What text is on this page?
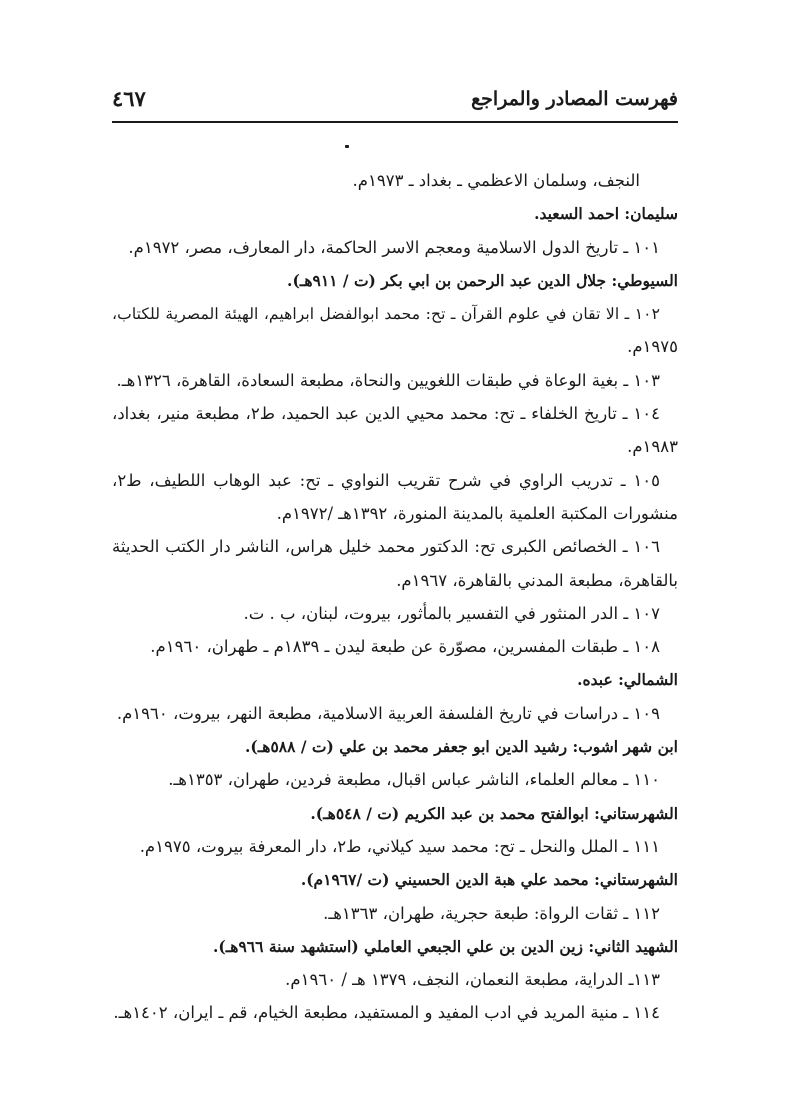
فهرست المصادر والمراجع
٤٦٧
النجف، وسلمان الاعظمي ـ بغداد ـ ١٩٧٣م.
سليمان: احمد السعيد.
١٠١ ـ تاريخ الدول الاسلامية ومعجم الاسر الحاكمة، دار المعارف، مصر، ١٩٧٢م.
السيوطي: جلال الدين عبد الرحمن بن ابي بكر (ت / ٩١١هـ).
١٠٢ ـ الا تقان في علوم القرآن ـ تح: محمد ابوالفضل ابراهيم، الهيئة المصرية للكتاب،
١٩٧٥م.
١٠٣ ـ بغية الوعاة في طبقات اللغويين والنحاة، مطبعة السعادة، القاهرة، ١٣٢٦هـ.
١٠٤ ـ تاريخ الخلفاء ـ تح: محمد محيي الدين عبد الحميد، ط٢، مطبعة منير، بغداد،
١٩٨٣م.
١٠٥ ـ تدريب الراوي في شرح تقريب النواوي ـ تح: عبد الوهاب اللطيف، ط٢،
منشورات المكتبة العلمية بالمدينة المنورة، ١٣٩٢هـ /١٩٧٢م.
١٠٦ ـ الخصائص الكبرى تح: الدكتور محمد خليل هراس، الناشر دار الكتب الحديثة
بالقاهرة، مطبعة المدني بالقاهرة، ١٩٦٧م.
١٠٧ ـ الدر المنثور في التفسير بالمأثور، بيروت، لبنان، ب . ت.
١٠٨ ـ طبقات المفسرين، مصوّرة عن طبعة ليدن ـ ١٨٣٩م ـ طهران، ١٩٦٠م.
الشمالي: عبده.
١٠٩ ـ دراسات في تاريخ الفلسفة العربية الاسلامية، مطبعة النهر، بيروت، ١٩٦٠م.
ابن شهر اشوب: رشيد الدين ابو جعفر محمد بن علي (ت / ٥٨٨هـ).
١١٠ ـ معالم العلماء، الناشر عباس اقبال، مطبعة فردين، طهران، ١٣٥٣هـ.
الشهرستاني: ابوالفتح محمد بن عبد الكريم (ت / ٥٤٨هـ).
١١١ ـ الملل والنحل ـ تح: محمد سيد كيلاني، ط٢، دار المعرفة بيروت، ١٩٧٥م.
الشهرستاني: محمد علي هبة الدين الحسيني (ت /١٩٦٧م).
١١٢ ـ ثقات الرواة: طبعة حجرية، طهران، ١٣٦٣هـ.
الشهيد الثاني: زين الدين بن علي الجبعي العاملي (استشهد سنة ٩٦٦هـ).
١١٣ـ الدراية، مطبعة النعمان، النجف، ١٣٧٩ هـ / ١٩٦٠م.
١١٤ ـ منية المريد في ادب المفيد و المستفيد، مطبعة الخيام، قم ـ ايران، ١٤٠٢هـ.
